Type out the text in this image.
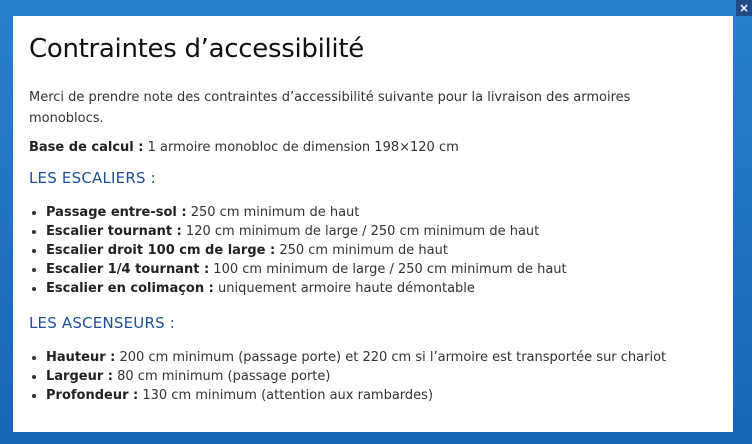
×
Contraintes d’accessibilité

Merci de prendre note des contraintes d’accessibilité suivante pour la livraison des armoires monoblocs.

Base de calcul : 1 armoire monobloc de dimension 198×120 cm

LES ESCALIERS :
• Passage entre-sol : 250 cm minimum de haut
• Escalier tournant : 120 cm minimum de large / 250 cm minimum de haut
• Escalier droit 100 cm de large : 250 cm minimum de haut
• Escalier 1/4 tournant : 100 cm minimum de large / 250 cm minimum de haut
• Escalier en colimaçon : uniquement armoire haute démontable
LES ASCENSEURS :
• Hauteur : 200 cm minimum (passage porte) et 220 cm si l’armoire est transportée sur chariot
• Largeur : 80 cm minimum (passage porte)
• Profondeur : 130 cm minimum (attention aux rambardes)
